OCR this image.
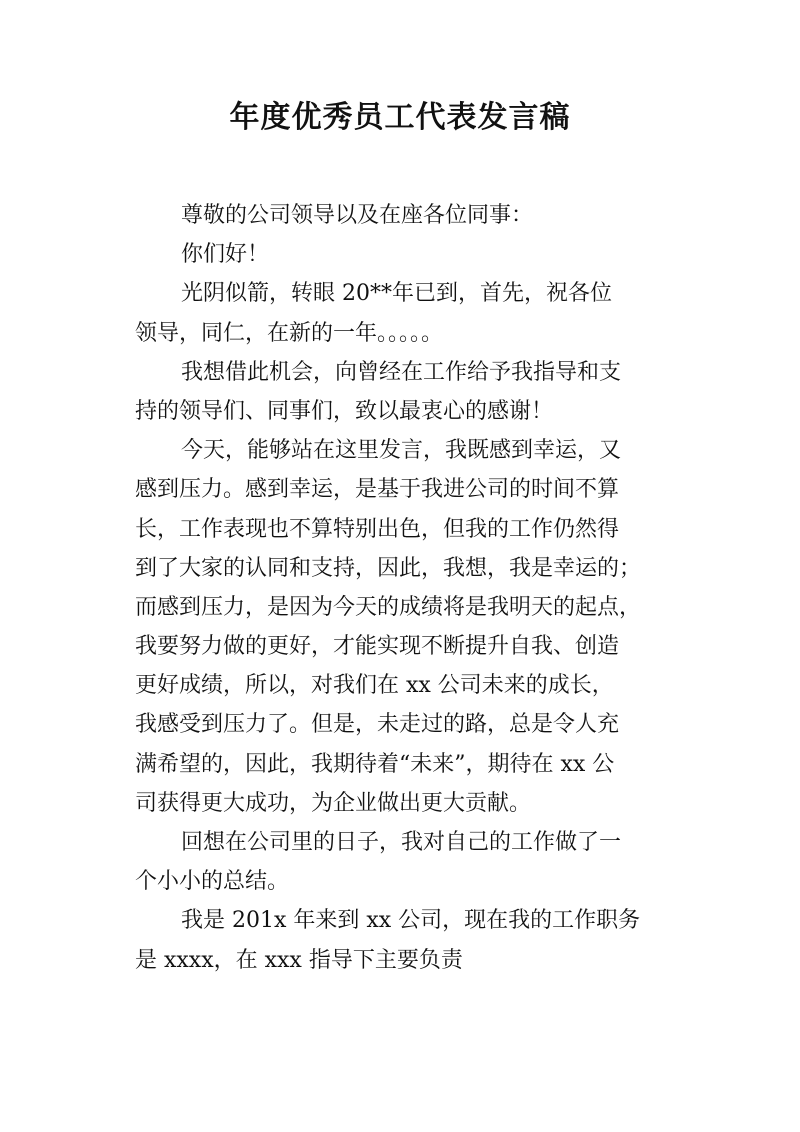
年度优秀员工代表发言稿
尊敬的公司领导以及在座各位同事：
你们好！
光阴似箭，转眼 20**年已到，首先，祝各位
领导，同仁，在新的一年。。。。。
我想借此机会，向曾经在工作给予我指导和支
持的领导们、同事们，致以最衷心的感谢！
今天，能够站在这里发言，我既感到幸运，又
感到压力。感到幸运，是基于我进公司的时间不算
长，工作表现也不算特别出色，但我的工作仍然得
到了大家的认同和支持，因此，我想，我是幸运的；
而感到压力，是因为今天的成绩将是我明天的起点，
我要努力做的更好，才能实现不断提升自我、创造
更好成绩，所以，对我们在 xx 公司未来的成长，
我感受到压力了。但是，未走过的路，总是令人充
满希望的，因此，我期待着“未来”，期待在 xx 公
司获得更大成功，为企业做出更大贡献。
回想在公司里的日子，我对自己的工作做了一
个小小的总结。
我是 201x 年来到 xx 公司，现在我的工作职务
是 xxxx，在 xxx 指导下主要负责
